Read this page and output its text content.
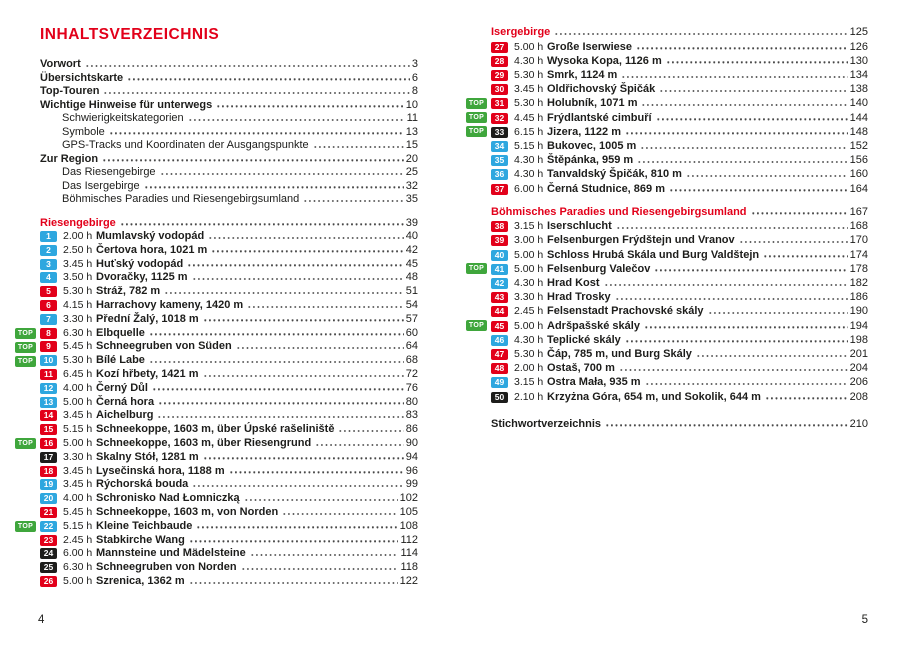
INHALTSVERZEICHNIS
Vorwort	3
Übersichtskarte	6
Top-Touren	8
Wichtige Hinweise für unterwegs	10
Schwierigkeitskategorien	11
Symbole	13
GPS-Tracks und Koordinaten der Ausgangspunkte	15
Zur Region	20
Das Riesengebirge	25
Das Isergebirge	32
Böhmisches Paradies und Riesengebirgsumland	35
Riesengebirge	39
1	2.00 h Mumlavský vodopád	40
2	2.50 h Čertova hora, 1021 m	42
3	3.45 h Huťský vodopád	45
4	3.50 h Dvoračky, 1125 m	48
5	5.30 h Stráž, 782 m	51
6	4.15 h Harrachovy kameny, 1420 m	54
7	3.30 h Přední Žalý, 1018 m	57
TOP	8	6.30 h Elbquelle	60
TOP	9	5.45 h Schneegruben von Süden	64
TOP	10 5.30 h Bílé Labe	68
11 6.45 h Kozí hřbety, 1421 m	72
12 4.00 h Černý Důl	76
13 5.00 h Černá hora	80
14 3.45 h Aichelburg	83
15 5.15 h Schneekoppe, 1603 m, über Úpské rašeliniště	86
TOP	16 5.00 h Schneekoppe, 1603 m, über Riesengrund	90
17 3.30 h Skalny Stół, 1281 m	94
18 3.45 h Lysečinská hora, 1188 m	96
19 3.45 h Rýchorská bouda	99
20 4.00 h Schronisko Nad Łomniczką	102
21 5.45 h Schneekoppe, 1603 m, von Norden	105
TOP	22 5.15 h Kleine Teichbaude	108
23 2.45 h Stabkirche Wang	112
24 6.00 h Mannsteine und Mädelsteine	114
25 6.30 h Schneegruben von Norden	118
26 5.00 h Szrenica, 1362 m	122
4
Isergebirge	125
27 5.00 h Große Iserwiese	126
28 4.30 h Wysoka Kopa, 1126 m	130
29 5.30 h Smrk, 1124 m	134
30 3.45 h Oldřichovský Špičák	138
TOP	31 5.30 h Holubník, 1071 m	140
TOP	32 4.45 h Frýdlantské cimbuří	144
TOP	33 6.15 h Jizera, 1122 m	148
34 5.15 h Bukovec, 1005 m	152
35 4.30 h Štěpánka, 959 m	156
36 4.30 h Tanvaldský Špičák, 810 m	160
37 6.00 h Černá Studnice, 869 m	164
Böhmisches Paradies und Riesengebirgsumland	167
38 3.15 h Iserschlucht	168
39 3.00 h Felsenburgen Frýdštejn und Vranov	170
40 5.00 h Schloss Hrubá Skála und Burg Valdštejn	174
TOP	41 5.00 h Felsenburg Valečov	178
42 4.30 h Hrad Kost	182
43 3.30 h Hrad Trosky	186
44 2.45 h Felsenstadt Prachovské skály	190
TOP	45 5.00 h Adršpašské skály	194
46 4.30 h Teplické skály	198
47 5.30 h Čáp, 785 m, und Burg Skály	201
48 2.00 h Ostaš, 700 m	204
49 3.15 h Ostra Mała, 935 m	206
50 2.10 h Krzyżna Góra, 654 m, und Sokolik, 644 m	208
Stichwortverzeichnis	210
5
